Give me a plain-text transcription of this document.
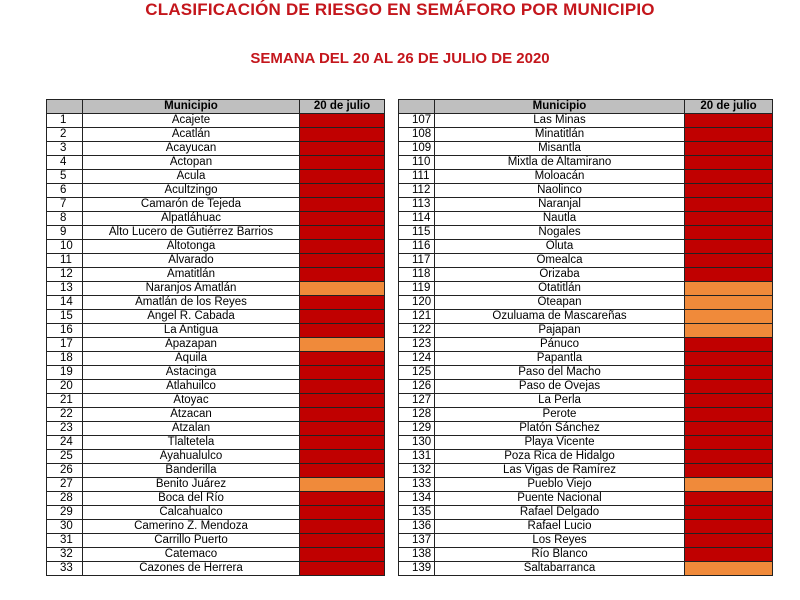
CLASIFICACIÓN DE RIESGO EN SEMÁFORO POR MUNICIPIO
SEMANA DEL 20 AL 26 DE JULIO DE 2020
	Municipio	20 de julio
1	Acajete	
2	Acatlán	
3	Acayucan	
4	Actopan	
5	Acula	
6	Acultzingo	
7	Camarón de Tejeda	
8	Alpatláhuac	
9	Alto Lucero de Gutiérrez Barrios	
10	Altotonga	
11	Alvarado	
12	Amatitlán	
13	Naranjos Amatlán	
14	Amatlán de los Reyes	
15	Angel R. Cabada	
16	La Antigua	
17	Apazapan	
18	Aquila	
19	Astacinga	
20	Atlahuilco	
21	Atoyac	
22	Atzacan	
23	Atzalan	
24	Tlaltetela	
25	Ayahualulco	
26	Banderilla	
27	Benito Juárez	
28	Boca del Río	
29	Calcahualco	
30	Camerino Z. Mendoza	
31	Carrillo Puerto	
32	Catemaco	
33	Cazones de Herrera	
	Municipio	20 de julio
107	Las Minas	
108	Minatitlán	
109	Misantla	
110	Mixtla de Altamirano	
111	Moloacán	
112	Naolinco	
113	Naranjal	
114	Nautla	
115	Nogales	
116	Oluta	
117	Omealca	
118	Orizaba	
119	Otatitlán	
120	Oteapan	
121	Ozuluama de Mascareñas	
122	Pajapan	
123	Pánuco	
124	Papantla	
125	Paso del Macho	
126	Paso de Ovejas	
127	La Perla	
128	Perote	
129	Platón Sánchez	
130	Playa Vicente	
131	Poza Rica de Hidalgo	
132	Las Vigas de Ramírez	
133	Pueblo Viejo	
134	Puente Nacional	
135	Rafael Delgado	
136	Rafael Lucio	
137	Los Reyes	
138	Río Blanco	
139	Saltabarranca	
